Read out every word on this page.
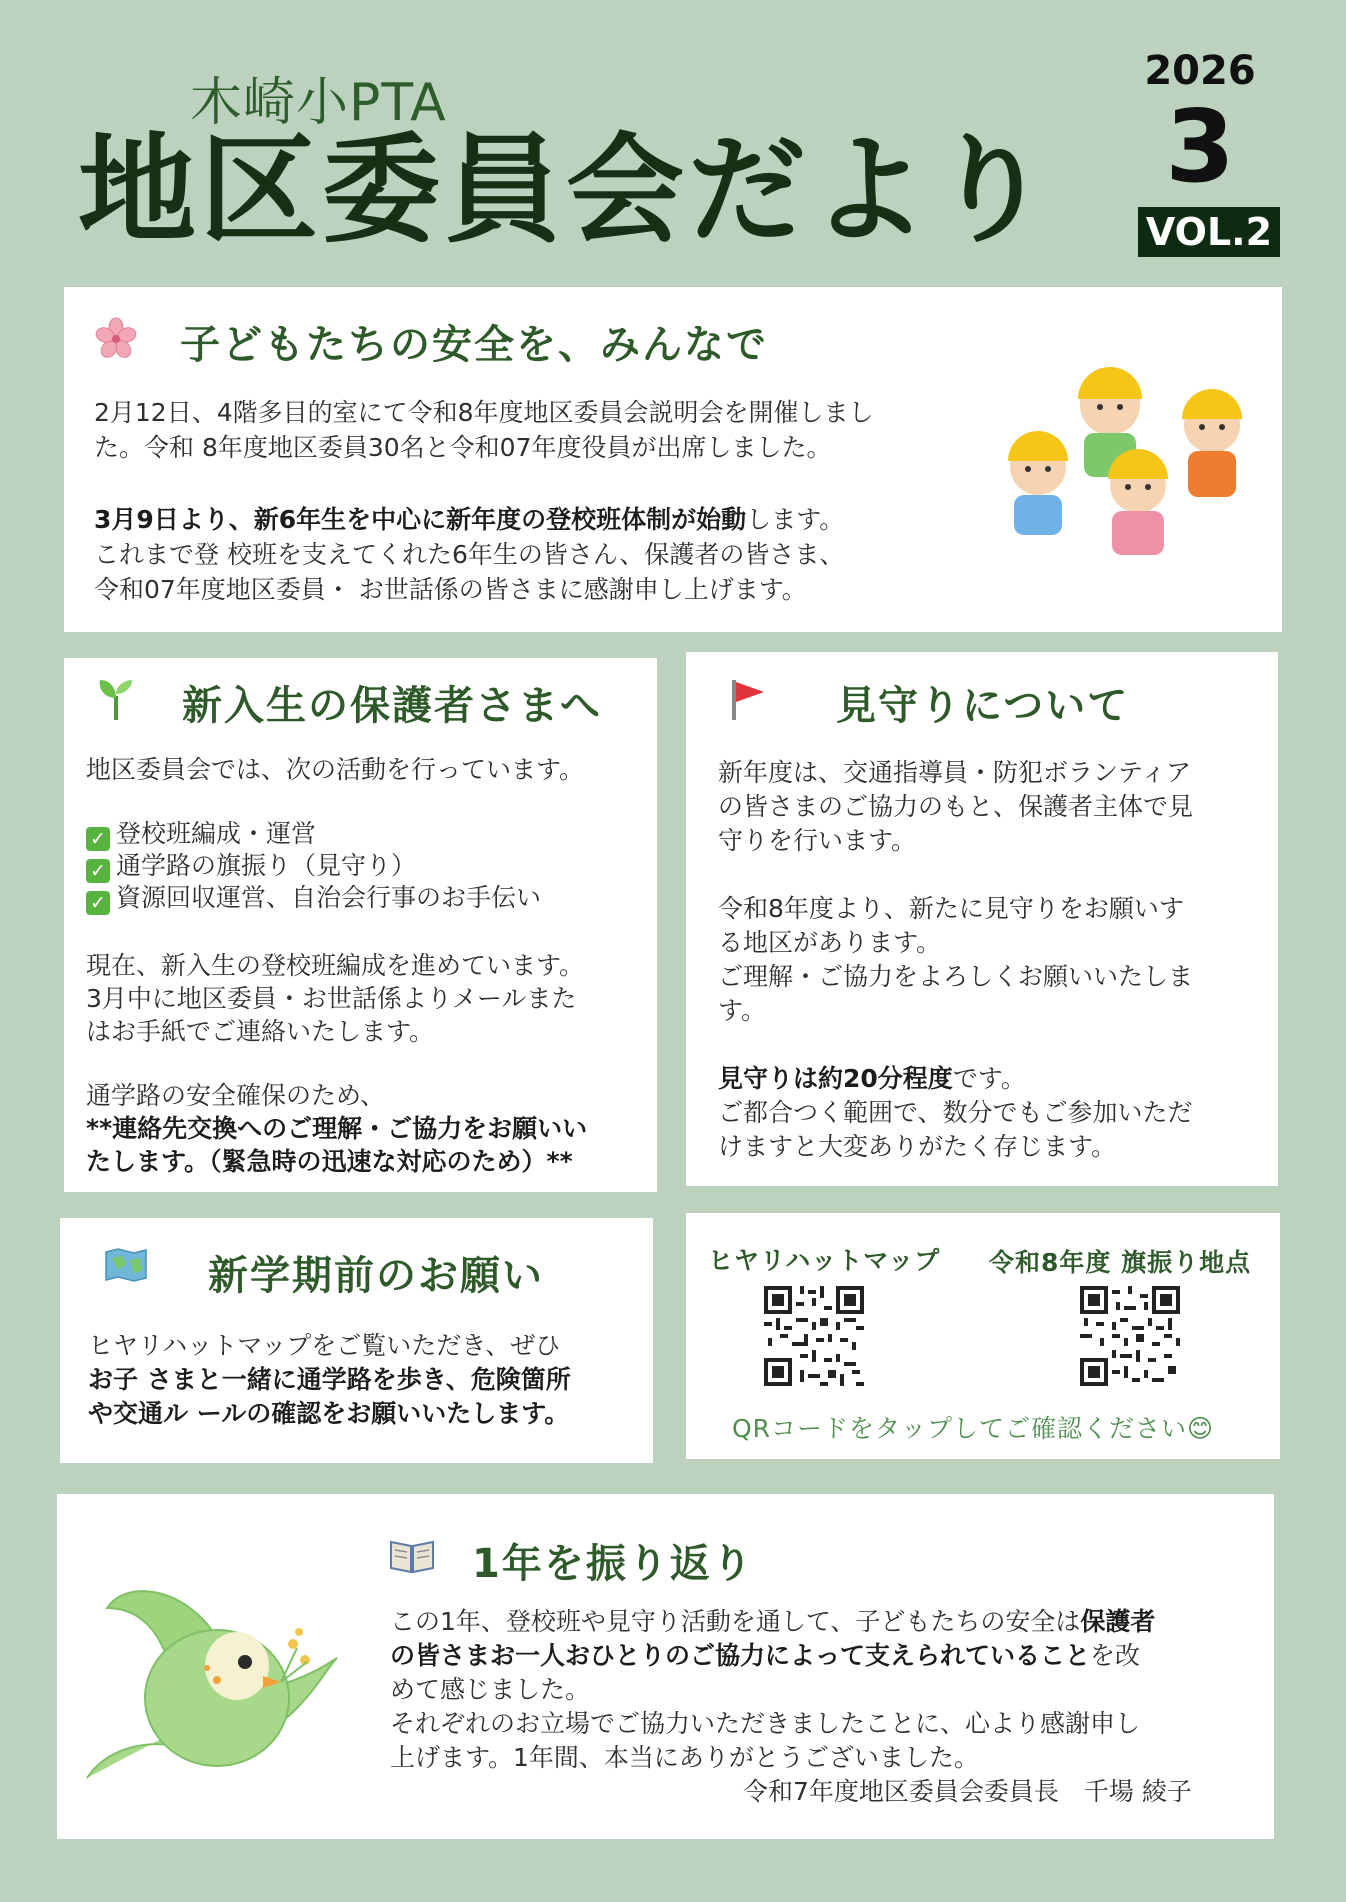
木崎小PTA
地区委員会だより
2026
3
VOL.2
子どもたちの安全を、みんなで
2月12日、4階多目的室にて令和8年度地区委員会説明会を開催しまし
た。令和 8年度地区委員30名と令和07年度役員が出席しました。
3月9日より、新6年生を中心に新年度の登校班体制が始動します。
これまで登 校班を支えてくれた6年生の皆さん、保護者の皆さま、
令和07年度地区委員・ お世話係の皆さまに感謝申し上げます。
新入生の保護者さまへ
地区委員会では、次の活動を行っています。
✓ 登校班編成・運営
✓ 通学路の旗振り（見守り）
✓ 資源回収運営、自治会行事のお手伝い
現在、新入生の登校班編成を進めています。
3月中に地区委員・お世話係よりメールまた
はお手紙でご連絡いたします。
通学路の安全確保のため、
**連絡先交換へのご理解・ご協力をお願いい
たします。（緊急時の迅速な対応のため）**
見守りについて
新年度は、交通指導員・防犯ボランティア
の皆さまのご協力のもと、保護者主体で見
守りを行います。
令和8年度より、新たに見守りをお願いす
る地区があります。
ご理解・ご協力をよろしくお願いいたしま
す。
見守りは約20分程度です。
ご都合つく範囲で、数分でもご参加いただ
けますと大変ありがたく存じます。
新学期前のお願い
ヒヤリハットマップをご覧いただき、ぜひ
お子 さまと一緒に通学路を歩き、危険箇所
や交通ル ールの確認をお願いいたします。
ヒヤリハットマップ 令和8年度 旗振り地点
QRコードをタップしてご確認ください😊
1年を振り返り
この1年、登校班や見守り活動を通して、子どもたちの安全は保護者
の皆さまお一人おひとりのご協力によって支えられていることを改
めて感じました。
それぞれのお立場でご協力いただきましたことに、心より感謝申し
上げます。1年間、本当にありがとうございました。
令和7年度地区委員会委員長　千場 綾子
